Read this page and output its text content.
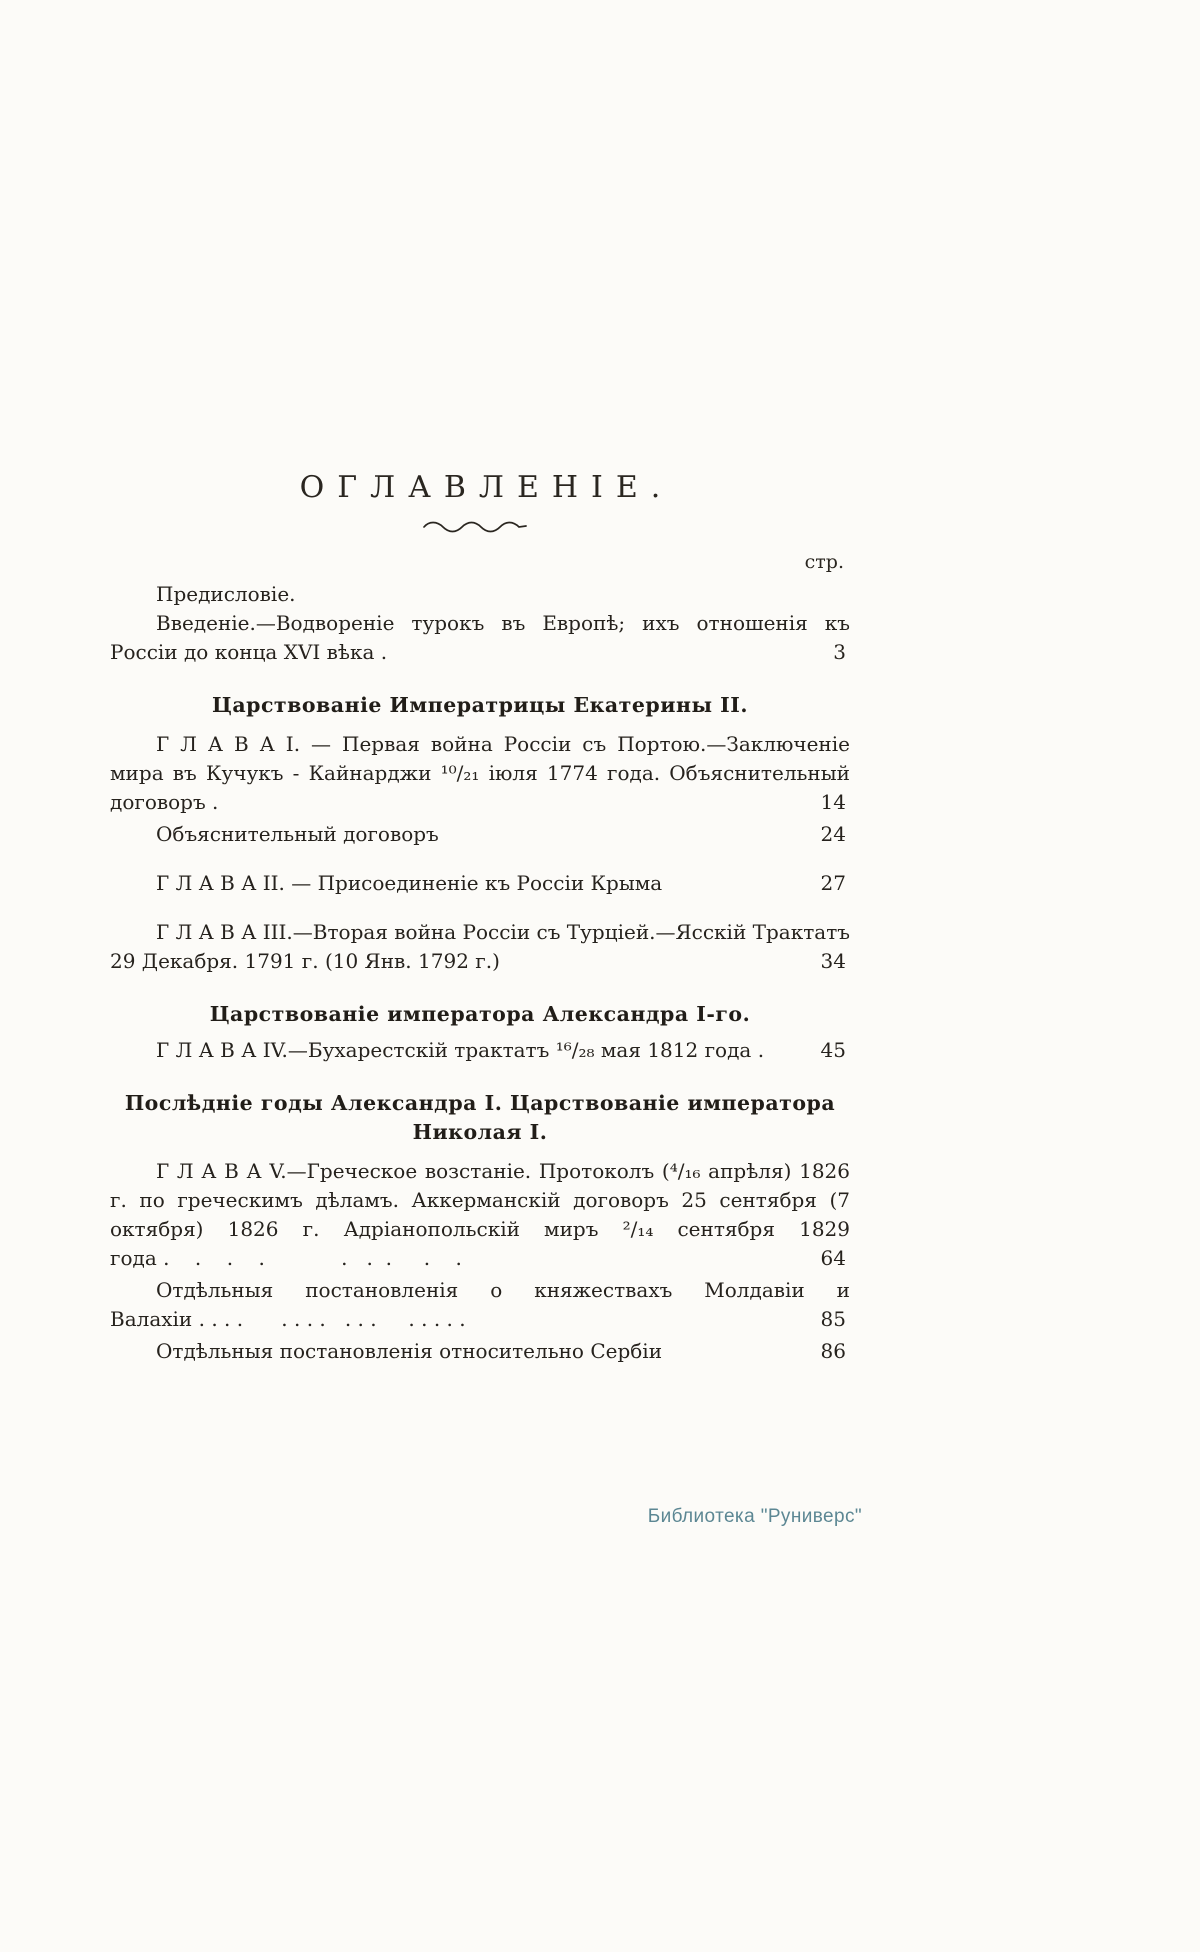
ОГЛАВЛЕНІЕ.
стр.

Предисловіе.

Введеніе.—Водвореніе турокъ въ Европѣ; ихъ отношенія къ Россіи до конца XVI вѣка .	3

Царствованіе Императрицы Екатерины II.

Г Л А В А I. — Первая война Россіи съ Портою.—Заключеніе мира въ Кучукъ - Кайнарджи ¹⁰/₂₁ іюля 1774 года. Объяснительный договоръ .	14

Объяснительный договоръ	24

Г Л А В А II. — Присоединеніе къ Россіи Крыма	27

Г Л А В А III.—Вторая война Россіи съ Турціей.—Ясскій Трактатъ 29 Декабря. 1791 г. (10 Янв. 1792 г.)	34

Царствованіе императора Александра I-го.

Г Л А В А IV.—Бухарестскій трактатъ ¹⁶/₂₈ мая 1812 года .	45

Послѣдніе годы Александра I. Царствованіе императора Николая I.

Г Л А В А V.—Греческое возстаніе. Протоколъ (⁴/₁₆ апрѣля) 1826 г. по греческимъ дѣламъ. Аккерманскій договоръ 25 сентября (7 октября) 1826 г. Адріанопольскій миръ ²/₁₄ сентября 1829 года .    .    .    .            .   .  .     .    .	64

Отдѣльныя постановленія о княжествахъ Молдавіи и Валахіи . . . .      . . . .   . . .     . . . . .	85

Отдѣльныя постановленія относительно Сербіи	86

Библиотека "Руниверс"
